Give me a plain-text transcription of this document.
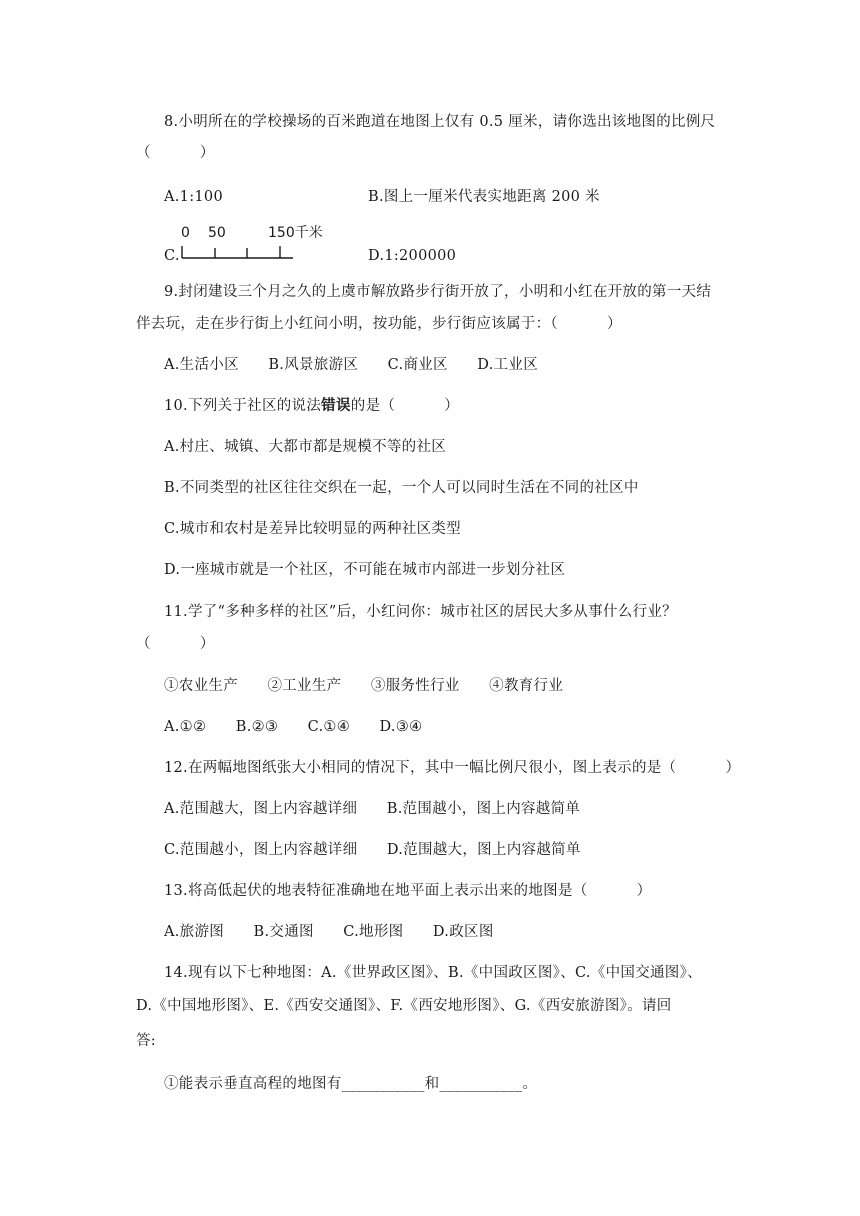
8.小明所在的学校操场的百米跑道在地图上仅有 0.5 厘米，请你选出该地图的比例尺
（          ）
A.1:100	B.图上一厘米代表实地距离 200 米
C.
0 50	150千米
D.1:200000
9.封闭建设三个月之久的上虞市解放路步行街开放了，小明和小红在开放的第一天结
伴去玩，走在步行街上小红问小明，按功能，步行街应该属于：（          ）
A.生活小区      B.风景旅游区      C.商业区      D.工业区
10.下列关于社区的说法错误的是（          ）
A.村庄、城镇、大都市都是规模不等的社区
B.不同类型的社区往往交织在一起，一个人可以同时生活在不同的社区中
C.城市和农村是差异比较明显的两种社区类型
D.一座城市就是一个社区，不可能在城市内部进一步划分社区
11.学了“多种多样的社区”后，小红问你：城市社区的居民大多从事什么行业？
（          ）
①农业生产      ②工业生产      ③服务性行业      ④教育行业
A.①②      B.②③      C.①④      D.③④
12.在两幅地图纸张大小相同的情况下，其中一幅比例尺很小，图上表示的是（          ）
A.范围越大，图上内容越详细      B.范围越小，图上内容越简单
C.范围越小，图上内容越详细      D.范围越大，图上内容越简单
13.将高低起伏的地表特征准确地在地平面上表示出来的地图是（          ）
A.旅游图      B.交通图      C.地形图      D.政区图
14.现有以下七种地图：A.《世界政区图》、B.《中国政区图》、C.《中国交通图》、
D.《中国地形图》、E.《西安交通图》、F.《西安地形图》、G.《西安旅游图》。请回
答:
①能表示垂直高程的地图有___________和___________。
